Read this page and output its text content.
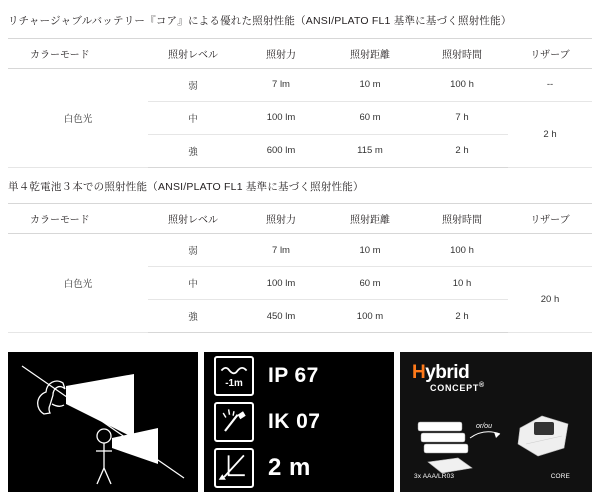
リチャージャブルバッテリー『コア』による優れた照射性能（ANSI/PLATO FL1 基準に基づく照射性能）
カラーモード	照射レベル	照射力	照射距離	照射時間	リザーブ
白色光	弱	7 lm	10 m	100 h	--
	中	100 lm	60 m	7 h	2 h
	強	600 lm	115 m	2 h	
単４乾電池３本での照射性能（ANSI/PLATO FL1 基準に基づく照射性能）
カラーモード	照射レベル	照射力	照射距離	照射時間	リザーブ
白色光	弱	7 lm	10 m	100 h	
	中	100 lm	60 m	10 h	20 h
	強	450 lm	100 m	2 h	
-1m IP 67
IK 07
2 m
Hybrid
CONCEPT®
or/ou
3x AAA/LR03	CORE
